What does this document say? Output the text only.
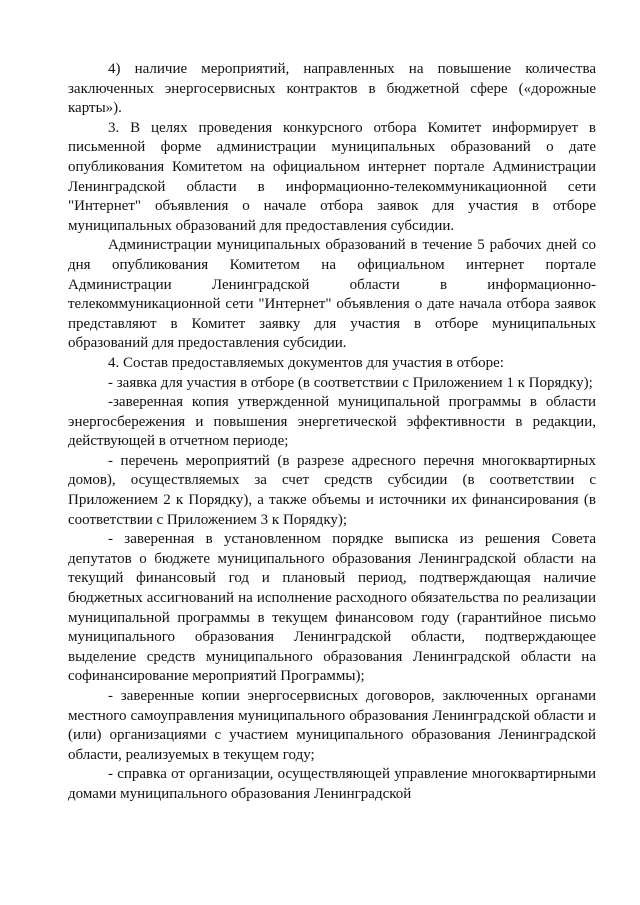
4) наличие мероприятий, направленных на повышение количества заключенных энергосервисных контрактов в бюджетной сфере («дорожные карты»).

3. В целях проведения конкурсного отбора Комитет информирует в письменной форме администрации муниципальных образований о дате опубликования Комитетом на официальном интернет портале Администрации Ленинградской области в информационно-телекоммуникационной сети "Интернет" объявления о начале отбора заявок для участия в отборе муниципальных образований для предоставления субсидии.

Администрации муниципальных образований в течение 5 рабочих дней со дня опубликования Комитетом на официальном интернет портале Администрации Ленинградской области в информационно-телекоммуникационной сети "Интернет" объявления о дате начала отбора заявок представляют в Комитет заявку для участия в отборе муниципальных образований для предоставления субсидии.

4. Состав предоставляемых документов для участия в отборе:

- заявка для участия в отборе (в соответствии с Приложением 1 к Порядку);

-заверенная копия утвержденной муниципальной программы в области энергосбережения и повышения энергетической эффективности в редакции, действующей в отчетном периоде;

- перечень мероприятий (в разрезе адресного перечня многоквартирных домов), осуществляемых за счет средств субсидии (в соответствии с Приложением 2 к Порядку), а также объемы и источники их финансирования (в соответствии с Приложением 3 к Порядку);

- заверенная в установленном порядке выписка из решения Совета депутатов о бюджете муниципального образования Ленинградской области на текущий финансовый год и плановый период, подтверждающая наличие бюджетных ассигнований на исполнение расходного обязательства по реализации муниципальной программы в текущем финансовом году (гарантийное письмо муниципального образования Ленинградской области, подтверждающее выделение средств муниципального образования Ленинградской области на софинансирование мероприятий Программы);

- заверенные копии энергосервисных договоров, заключенных органами местного самоуправления муниципального образования Ленинградской области и (или) организациями с участием муниципального образования Ленинградской области, реализуемых в текущем году;

- справка от организации, осуществляющей управление многоквартирными домами муниципального образования Ленинградской
